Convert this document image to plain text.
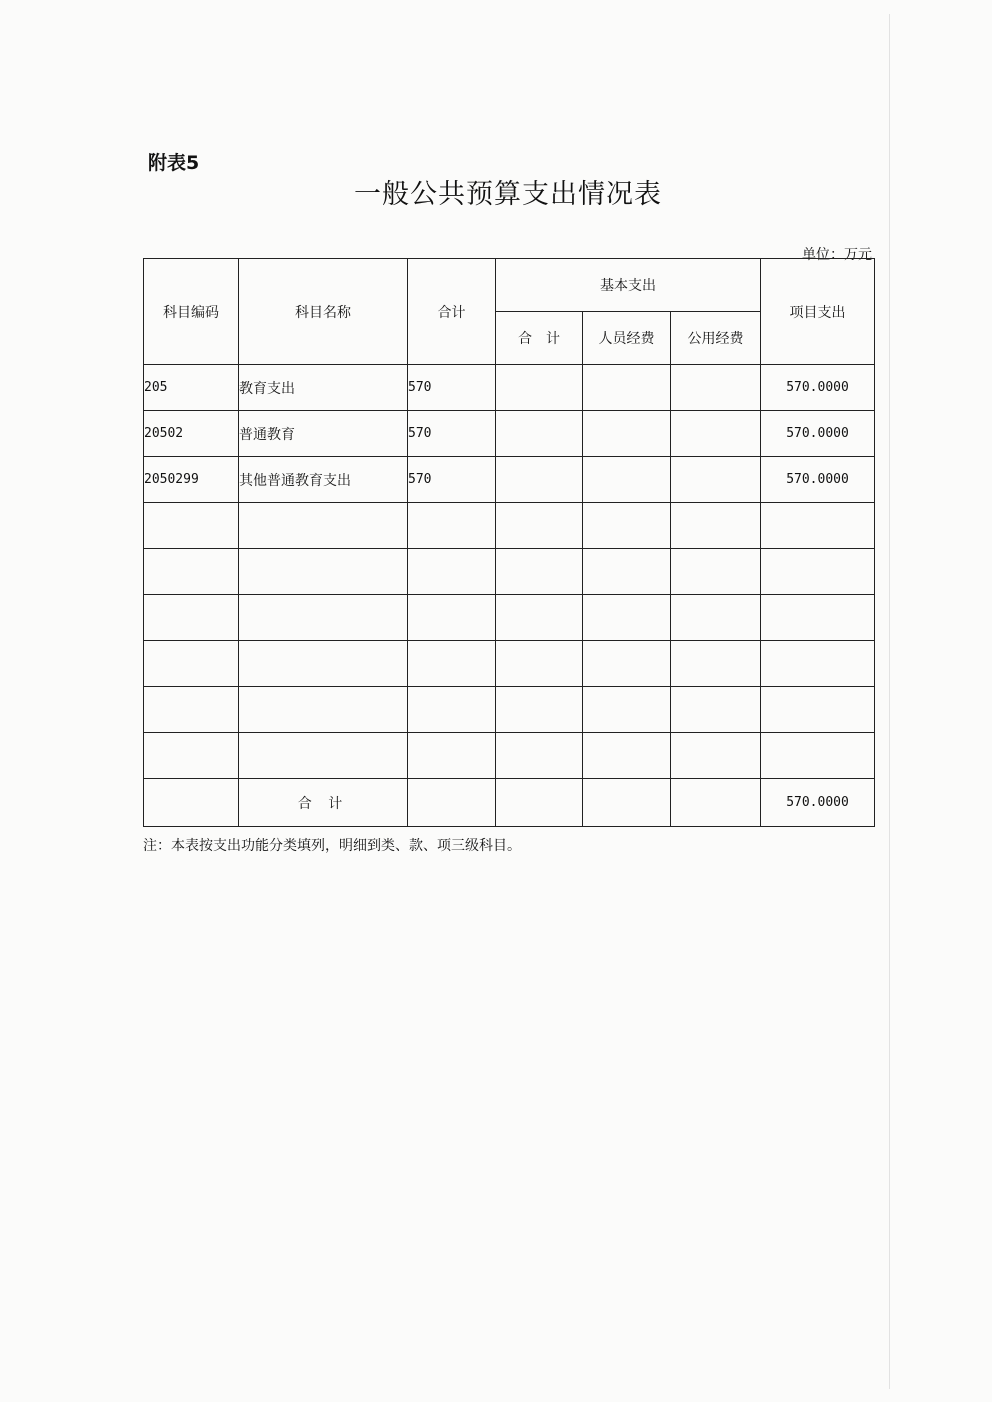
附表5
一般公共预算支出情况表
单位：万元
科目编码	科目名称	合计	基本支出			项目支出
			合　计	人员经费	公用经费	
205	教育支出	570				570.0000
20502	普通教育	570				570.0000
2050299	其他普通教育支出	570				570.0000

	合 计					570.0000
注：本表按支出功能分类填列，明细到类、款、项三级科目。
